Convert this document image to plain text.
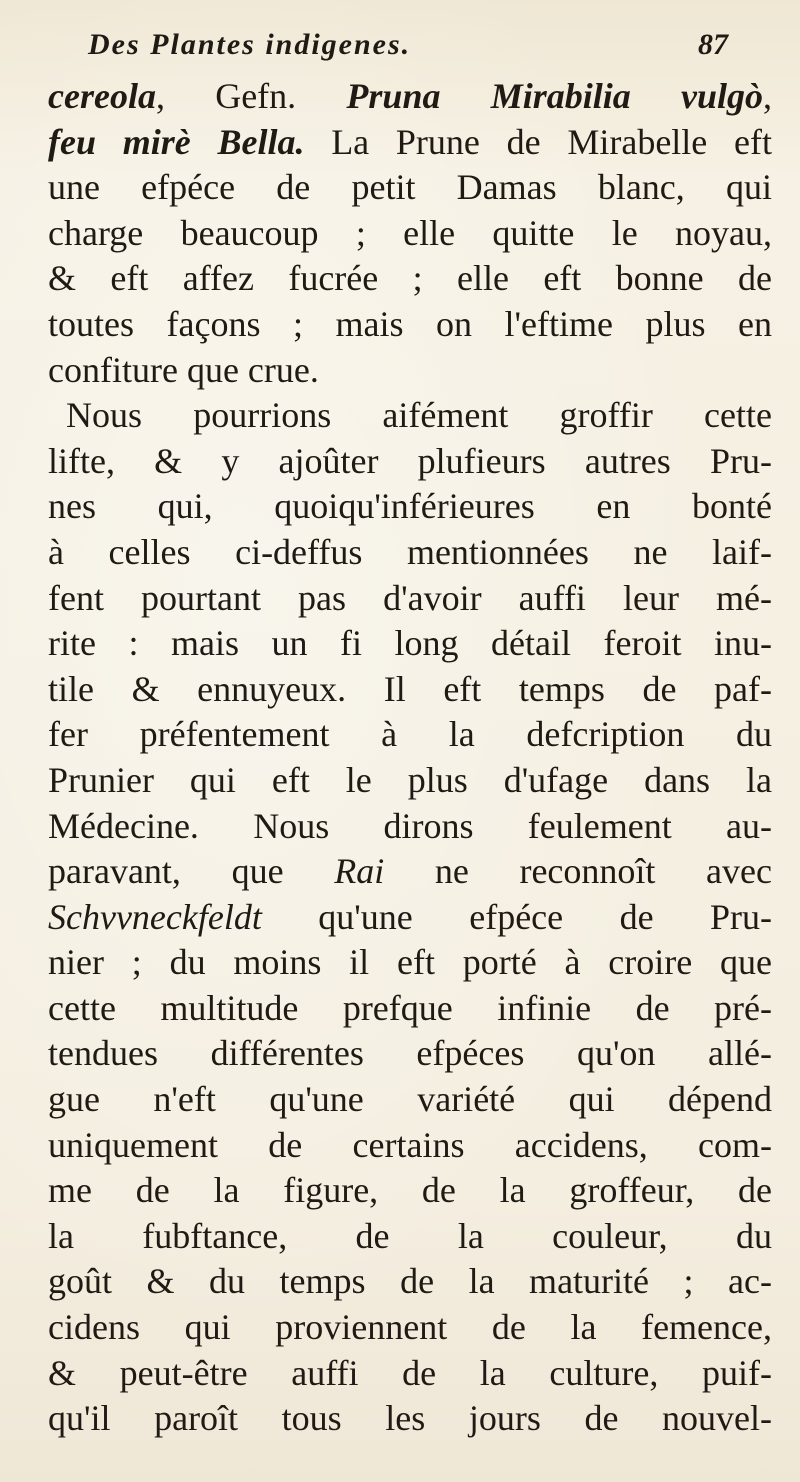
Des Plantes indigenes.	87
cereola, Gefn. Pruna Mirabilia vulgò,
feu mirè Bella. La Prune de Mirabelle eft
une efpéce de petit Damas blanc, qui
charge beaucoup ; elle quitte le noyau,
& eft affez fucrée ; elle eft bonne de
toutes façons ; mais on l'eftime plus en
confiture que crue.
Nous pourrions aifément groffir cette
lifte, & y ajoûter plufieurs autres Pru-
nes qui, quoiqu'inférieures en bonté
à celles ci-deffus mentionnées ne laif-
fent pourtant pas d'avoir auffi leur mé-
rite : mais un fi long détail feroit inu-
tile & ennuyeux. Il eft temps de paf-
fer préfentement à la defcription du
Prunier qui eft le plus d'ufage dans la
Médecine. Nous dirons feulement au-
paravant, que Rai ne reconnoît avec
Schvvneckfeldt qu'une efpéce de Pru-
nier ; du moins il eft porté à croire que
cette multitude prefque infinie de pré-
tendues différentes efpéces qu'on allé-
gue n'eft qu'une variété qui dépend
uniquement de certains accidens, com-
me de la figure, de la groffeur, de
la fubftance, de la couleur, du
goût & du temps de la maturité ; ac-
cidens qui proviennent de la femence,
& peut-être auffi de la culture, puif-
qu'il paroît tous les jours de nouvel-
